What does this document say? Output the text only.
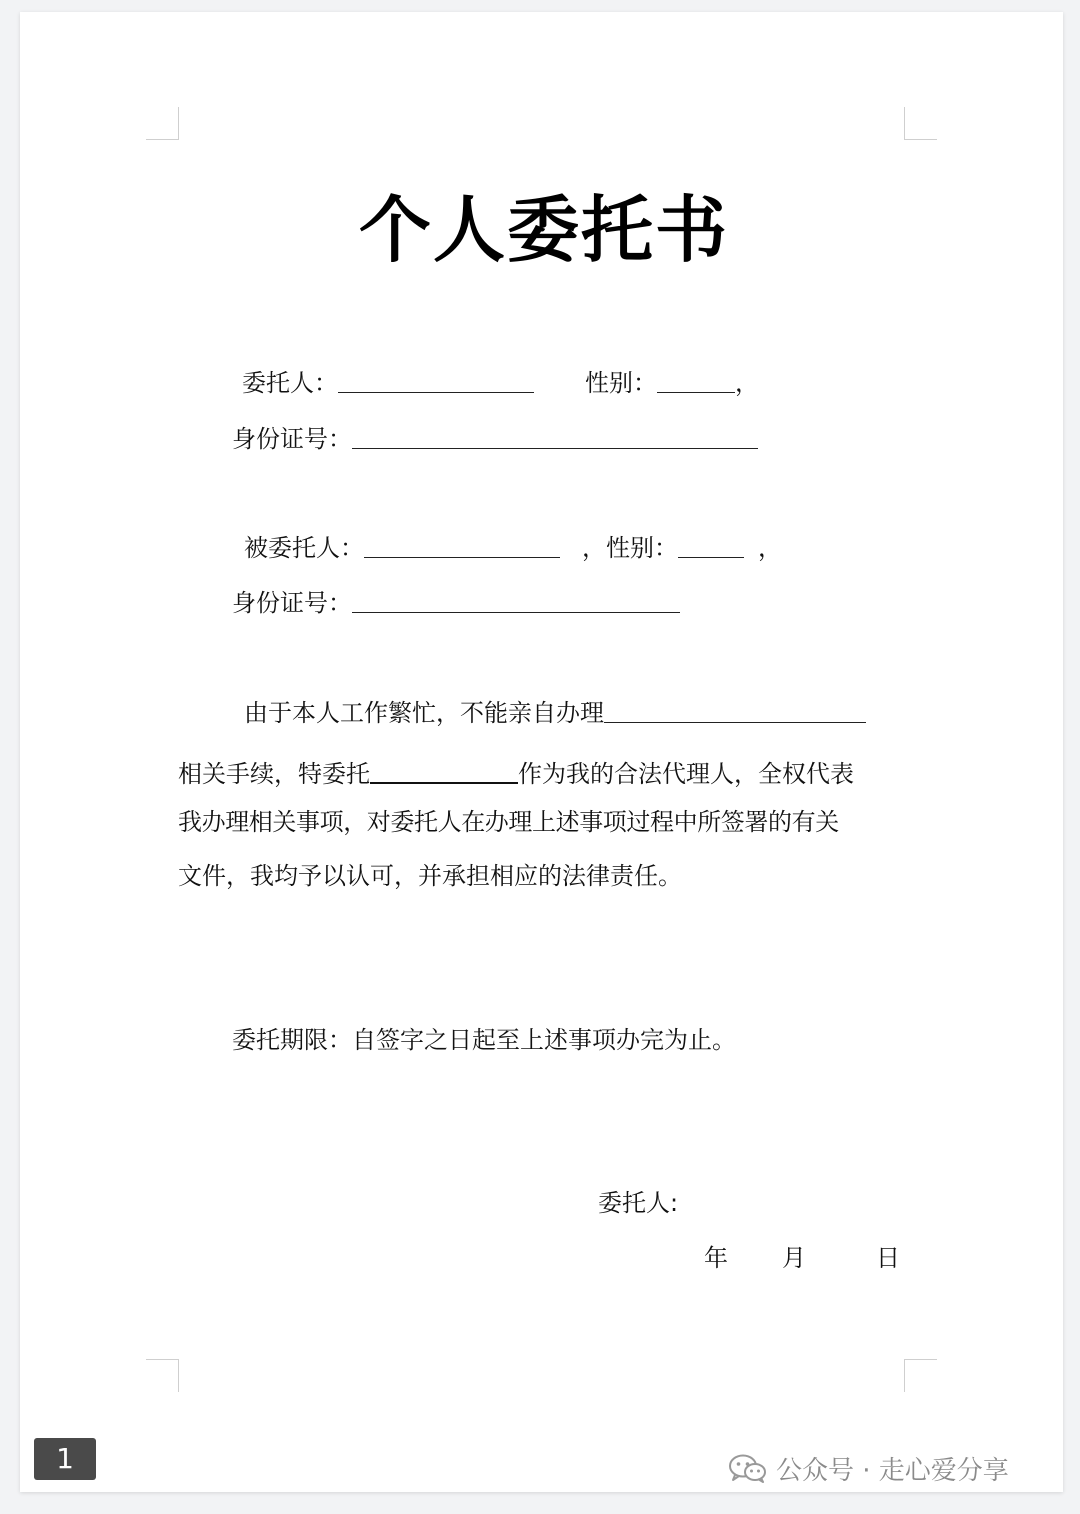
个人委托书
委托人：	性别：	，
身份证号：
被委托人：	，性别：	，
身份证号：
由于本人工作繁忙，不能亲自办理
相关手续，特委托	作为我的合法代理人，全权代表
我办理相关事项，对委托人在办理上述事项过程中所签署的有关
文件，我均予以认可，并承担相应的法律责任。
委托期限：自签字之日起至上述事项办完为止。
委托人:
年 月	日
1	公众号 · 走心爱分享
